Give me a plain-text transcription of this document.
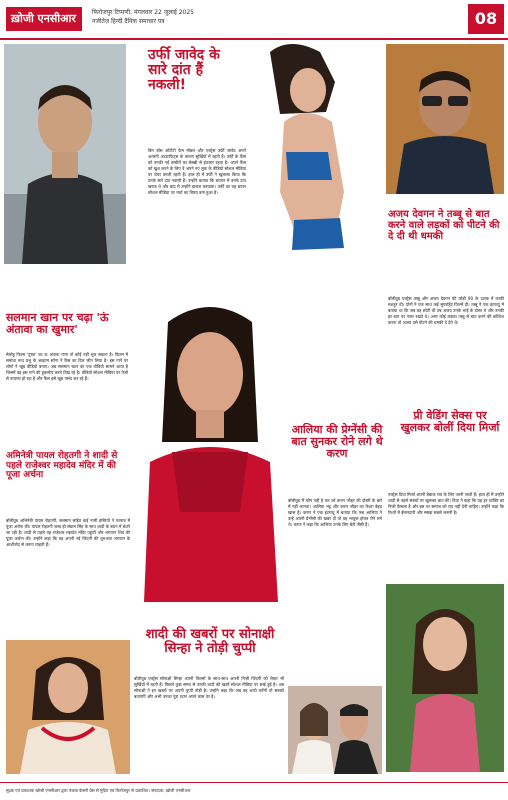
ख़ोजी एनसीआर	फिरोजपुर टिप्पणी, मंगलवार 22 जुलाई 2025
नजीतेज़ हिन्दी दैनिक समाचार पत्र	08
सलमान खान पर चढ़ा 'ऊं अंतावा का खुमार'
मेलोडू फिल्म 'पुष्पा' का ऊ अंतावा गाना तो कोई नहीं भूल सकता है। फिल्म में समांथा रूथ प्रभु के आइटम सॉन्ग ने फैंस का दिल जीत लिया है। इस गाने पर लोगों ने खूब वीडियो बनाए। अब सलमान खान का एक वीडियो सामने आया है जिसमें वह इस गाने की हुकस्टेप करते दिख रहे हैं। वीडियो सोशल मीडिया पर तेजी से वायरल हो रहा है और फैंस इसे खूब पसंद कर रहे हैं।
उर्फी जावेद के सारे दांत हैं नकली!
बिग बॉस ओटीटी फेम मॉडल और एक्ट्रेस उर्फी जावेद अपने अतरंगी आउटफिट्स के कारण सुर्खियों में रहती हैं। उर्फी के फैंस को उनकी नई तस्वीरों का बेसब्री से इंतजार रहता है। अपने फैंस को खुश करने के लिए वे अपने नए लुक के वीडियो सोशल मीडिया पर शेयर करती रहती हैं। हाल ही में उर्फी ने खुलासा किया कि उनके सारे दांत नकली हैं। उन्होंने बताया कि बचपन में उनके दांत खराब थे और बाद में उन्होंने इलाज करवाया। उर्फी का यह बयान सोशल मीडिया पर चर्चा का विषय बना हुआ है।
अजय देवगन ने तब्बू से बात करने वाले लड़कों को पीटने की दे दी थी धमकी
बॉलीवुड एक्ट्रेस तब्बू और अजय देवगन की जोड़ी 90 के दशक में काफी मशहूर थी। दोनों ने एक साथ कई सुपरहिट फिल्में दी। तब्बू ने एक इंटरव्यू में बताया था कि जब वह छोटी थीं तब अजय उनके भाई के दोस्त थे और उनकी हर बात पर नजर रखते थे। अगर कोई लड़का तब्बू से बात करने की कोशिश करता तो अजय उसे पीटने की धमकी दे देते थे।
प्री वेडिंग सेक्स पर खुलकर बोलीं दिया मिर्जा
एक्ट्रेस दिया मिर्जा अपनी बेबाक राय के लिए जानी जाती हैं। हाल ही में उन्होंने शादी से पहले संबंधों पर खुलकर बात की। दिया ने कहा कि यह हर व्यक्ति का निजी फैसला है और इस पर समाज को राय नहीं देनी चाहिए। उन्होंने कहा कि रिश्तों में ईमानदारी और समझ सबसे जरूरी है।
अमिनेत्री पायल रोहतगी ने शादी से पहले राजेश्वर महादेव मंदिर में की पूजा अर्चना
बॉलीवुड अभिनेत्री पायल रोहतगी, सलमान सहित कई नामी हस्तियों ने नवरात्र में पूजा अर्चना की। पायल रोहतगी जल्द ही संग्राम सिंह के साथ शादी के बंधन में बंधने जा रही हैं। शादी से पहले वह राजेश्वर महादेव मंदिर पहुंचीं और भगवान शिव की पूजा अर्चना की। उन्होंने कहा कि वह अपनी नई जिंदगी की शुरुआत भगवान के आशीर्वाद से करना चाहती हैं।
आलिया की प्रेग्नेंसी की बात सुनकर रोने लगे थे करण
बॉलीवुड में कौन नहीं है कर को करण जौहर की दोस्ती के बारे में नहीं जानता। आलिया भट्ट और करण जौहर का रिश्ता बेहद खास है। करण ने एक इंटरव्यू में बताया कि जब आलिया ने उन्हें अपनी प्रेग्नेंसी की खबर दी तो वह भावुक होकर रोने लगे थे। करण ने कहा कि आलिया उनके लिए बेटी जैसी हैं।
शादी की खबरों पर सोनाक्षी सिन्हा ने तोड़ी चुप्पी
बॉलीवुड एक्ट्रेस सोनाक्षी सिन्हा अपनी फिल्मों के साथ-साथ अपनी निजी जिंदगी को लेकर भी सुर्खियों में रहती हैं। पिछले कुछ समय से उनकी शादी की खबरें सोशल मीडिया पर छाई हुई हैं। अब सोनाक्षी ने इन खबरों पर अपनी चुप्पी तोड़ी है। उन्होंने कहा कि जब वह शादी करेंगी तो सबको बताएंगी और अभी उनका पूरा ध्यान अपने काम पर है।
मुद्रक एवं प्रकाशक ख़ोजी एनसीआर द्वारा पंजाब केसरी प्रेस से मुद्रित एवं फिरोजपुर से प्रकाशित। संपादक: ख़ोजी एनसीआर
